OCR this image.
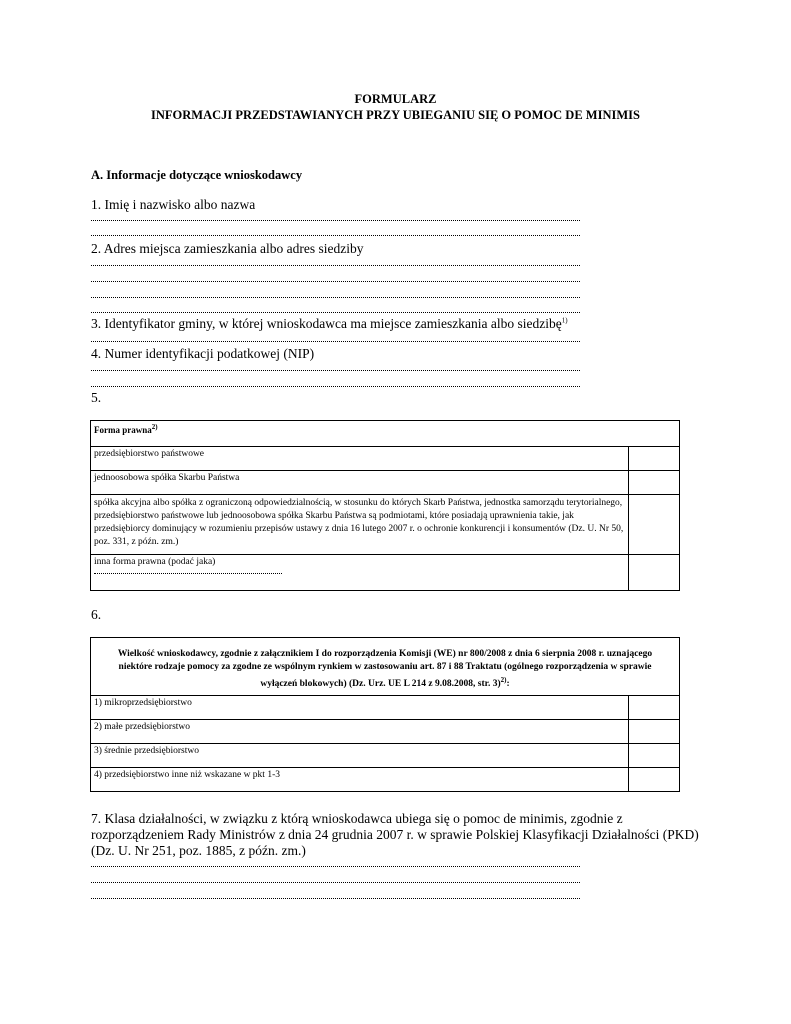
FORMULARZ
INFORMACJI PRZEDSTAWIANYCH PRZY UBIEGANIU SIĘ O POMOC DE MINIMIS
A. Informacje dotyczące wnioskodawcy
1. Imię i nazwisko albo nazwa
2. Adres miejsca zamieszkania albo adres siedziby
3. Identyfikator gminy, w której wnioskodawca ma miejsce zamieszkania albo siedzibę$^{1)}$
4. Numer identyfikacji podatkowej (NIP)
5.
Forma prawna$^{2)}$
przedsiębiorstwo państwowe	
jednoosobowa spółka Skarbu Państwa	
spółka akcyjna albo spółka z ograniczoną odpowiedzialnością, w stosunku do których Skarb Państwa, jednostka samorządu terytorialnego, przedsiębiorstwo państwowe lub jednoosobowa spółka Skarbu Państwa są podmiotami, które posiadają uprawnienia takie, jak przedsiębiorcy dominujący w rozumieniu przepisów ustawy z dnia 16 lutego 2007 r. o ochronie konkurencji i konsumentów (Dz. U. Nr 50, poz. 331, z późn. zm.)	

inna forma prawna (podać jaka)	

6.
Wielkość wnioskodawcy, zgodnie z załącznikiem I do rozporządzenia Komisji (WE) nr 800/2008 z dnia 6 sierpnia 2008 r. uznającego niektóre rodzaje pomocy za zgodne ze wspólnym rynkiem w zastosowaniu art. 87 i 88 Traktatu (ogólnego rozporządzenia w sprawie wyłączeń blokowych) (Dz. Urz. UE L 214 z 9.08.2008, str. 3)$^{2)}$:	
1) mikroprzedsiębiorstwo	
2) małe przedsiębiorstwo	
3) średnie przedsiębiorstwo	
4) przedsiębiorstwo inne niż wskazane w pkt 1-3	
7. Klasa działalności, w związku z którą wnioskodawca ubiega się o pomoc de minimis, zgodnie z rozporządzeniem Rady Ministrów z dnia 24 grudnia 2007 r. w sprawie Polskiej Klasyfikacji Działalności (PKD) (Dz. U. Nr 251, poz. 1885, z późn. zm.)
